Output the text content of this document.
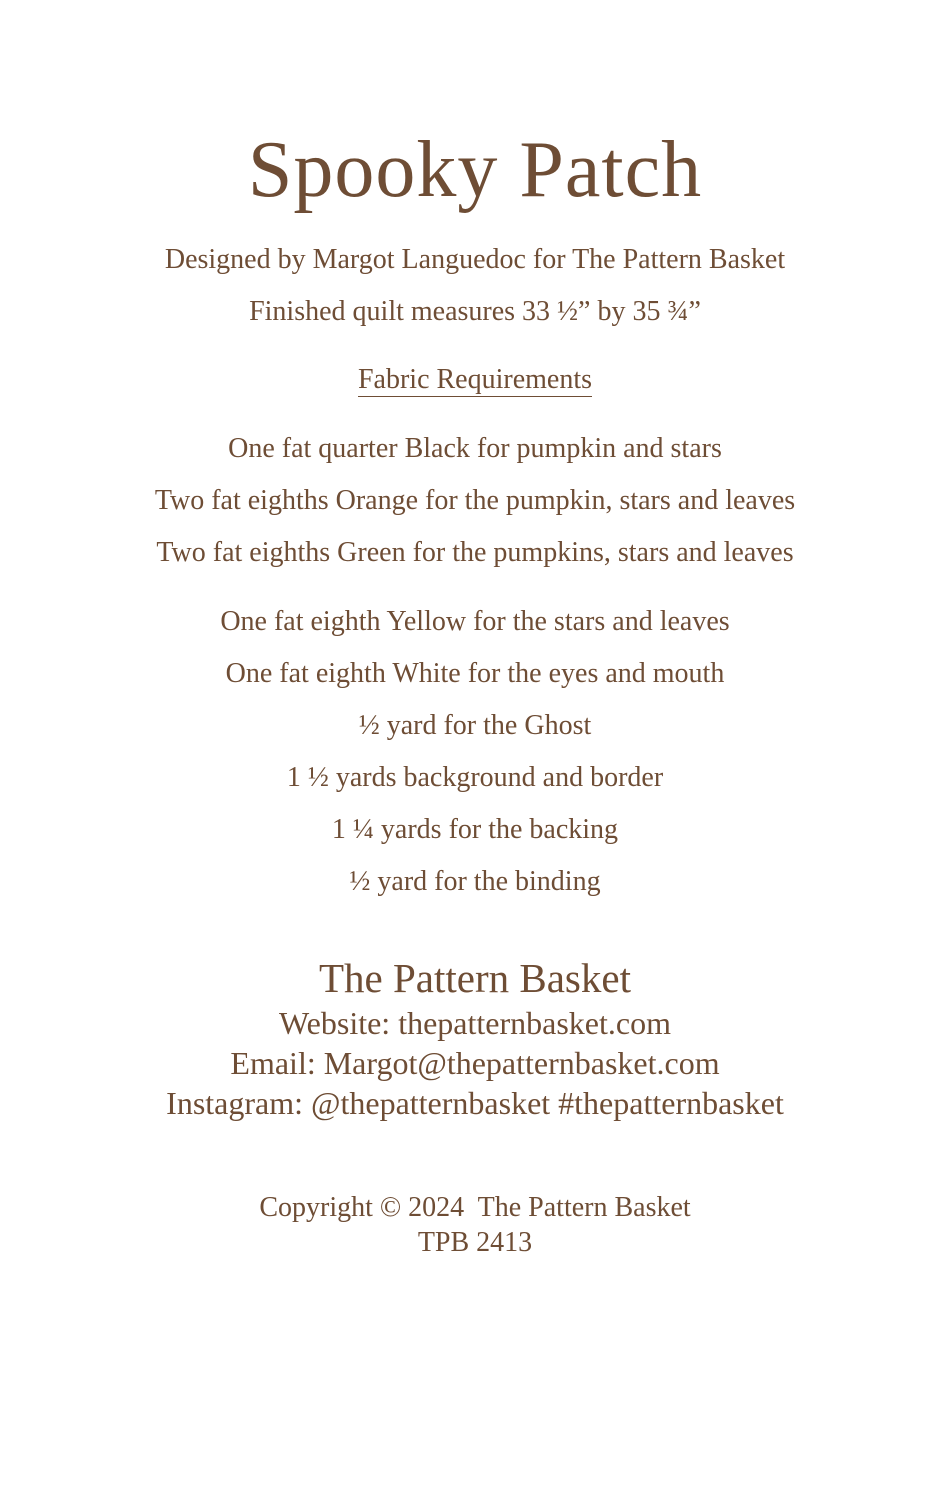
Spooky Patch
Designed by Margot Languedoc for The Pattern Basket
Finished quilt measures 33 ½” by 35 ¾”
Fabric Requirements
One fat quarter Black for pumpkin and stars
Two fat eighths Orange for the pumpkin, stars and leaves
Two fat eighths Green for the pumpkins, stars and leaves
One fat eighth Yellow for the stars and leaves
One fat eighth White for the eyes and mouth
½ yard for the Ghost
1 ½ yards background and border
1 ¼ yards for the backing
½ yard for the binding
The Pattern Basket
Website: thepatternbasket.com
Email: Margot@thepatternbasket.com
Instagram: @thepatternbasket #thepatternbasket
Copyright © 2024  The Pattern Basket
TPB 2413
